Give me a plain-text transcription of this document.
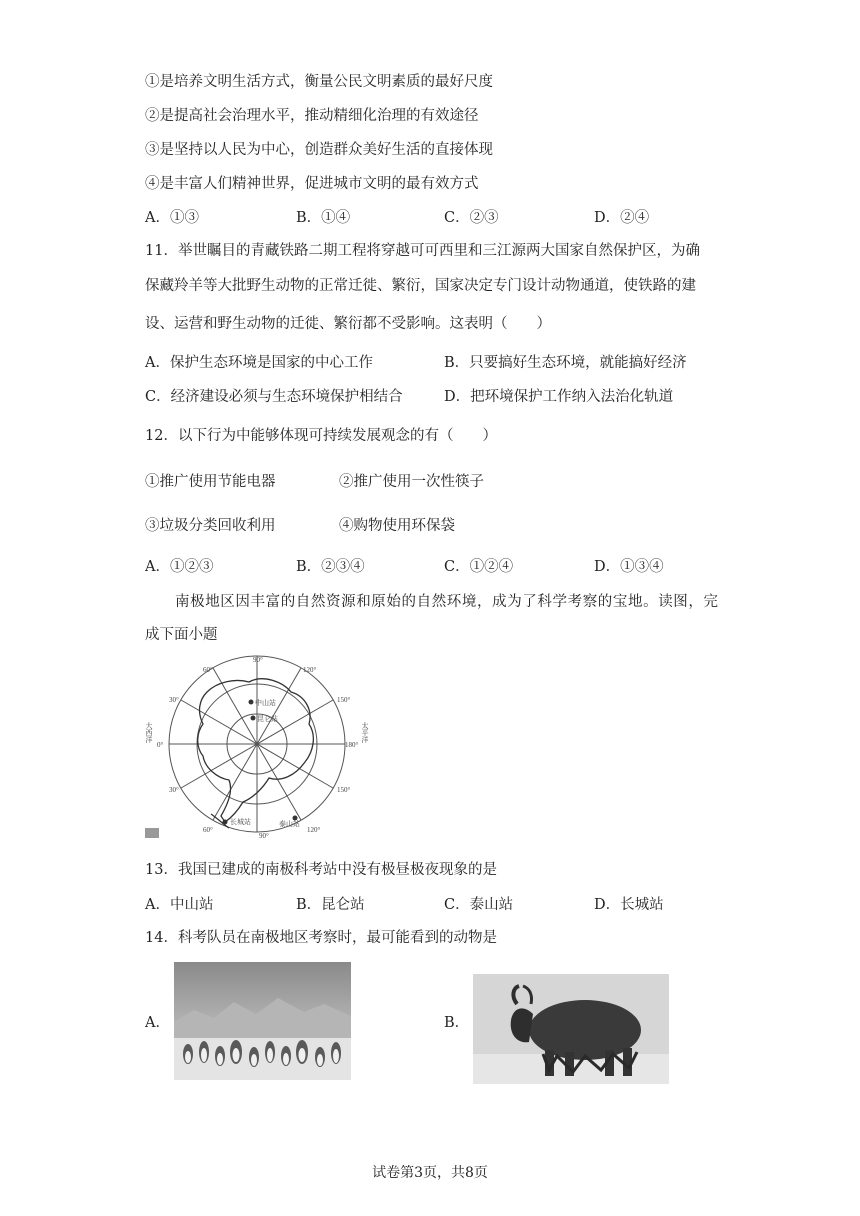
①是培养文明生活方式，衡量公民文明素质的最好尺度
②是提高社会治理水平，推动精细化治理的有效途径
③是坚持以人民为中心，创造群众美好生活的直接体现
④是丰富人们精神世界，促进城市文明的最有效方式
A．①③	B．①④	C．②③	D．②④
11．举世瞩目的青藏铁路二期工程将穿越可可西里和三江源两大国家自然保护区，为确
保藏羚羊等大批野生动物的正常迁徙、繁衍，国家决定专门设计动物通道，使铁路的建
设、运营和野生动物的迁徙、繁衍都不受影响。这表明（　　）
A．保护生态环境是国家的中心工作	B．只要搞好生态环境，就能搞好经济
C．经济建设必须与生态环境保护相结合	D．把环境保护工作纳入法治化轨道
12．以下行为中能够体现可持续发展观念的有（　　）
①推广使用节能电器	②推广使用一次性筷子
③垃圾分类回收利用	④购物使用环保袋
A．①②③	B．②③④	C．①②④	D．①③④
南极地区因丰富的自然资源和原始的自然环境，成为了科学考察的宝地。读图，完
成下面小题
90°
60°	120°
30°	150°
0°	180°
30°	150°
60°
90°
120°
中山站
昆仑站
长城站	泰山站
大西洋	太平洋
13．我国已建成的南极科考站中没有极昼极夜现象的是
A．中山站	B．昆仑站	C．泰山站	D．长城站
14．科考队员在南极地区考察时，最可能看到的动物是
A．	B．
试卷第3页，共8页
